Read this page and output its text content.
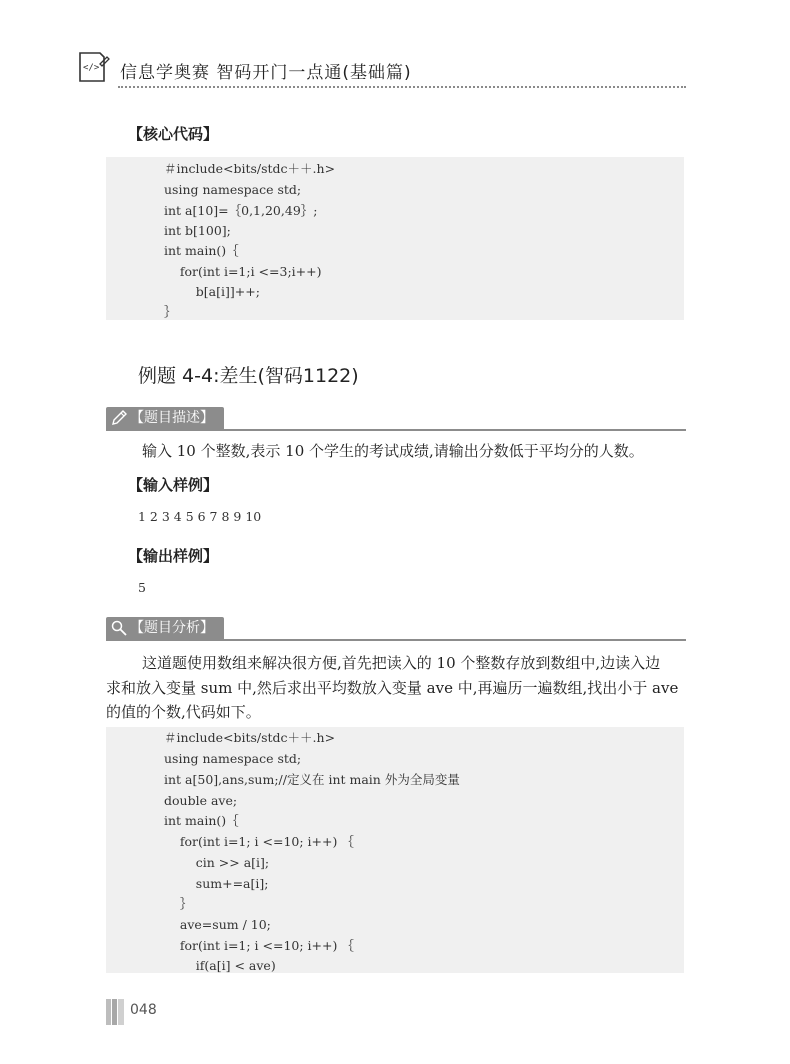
</> 信息学奥赛 智码开门一点通(基础篇)
【核心代码】
＃include<bits/stdc＋＋.h>
using namespace std;
int a[10]=｛0,1,20,49｝;
int b[100];
int main()｛
for(int i=1;i <=3;i++)
b[a[i]]++;
｝
例题 4-4:差生(智码1122)
【题目描述】
输入 10 个整数,表示 10 个学生的考试成绩,请输出分数低于平均分的人数。
【输入样例】
1 2 3 4 5 6 7 8 9 10
【输出样例】
5
【题目分析】
这道题使用数组来解决很方便,首先把读入的 10 个整数存放到数组中,边读入边
求和放入变量 sum 中,然后求出平均数放入变量 ave 中,再遍历一遍数组,找出小于 ave
的值的个数,代码如下。
＃include<bits/stdc＋＋.h>
using namespace std;
int a[50],ans,sum;//定义在 int main 外为全局变量
double ave;
int main()｛
for(int i=1; i <=10; i++) ｛
cin >> a[i];
sum+=a[i];
｝
ave=sum / 10;
for(int i=1; i <=10; i++) ｛
if(a[i] < ave)
048
